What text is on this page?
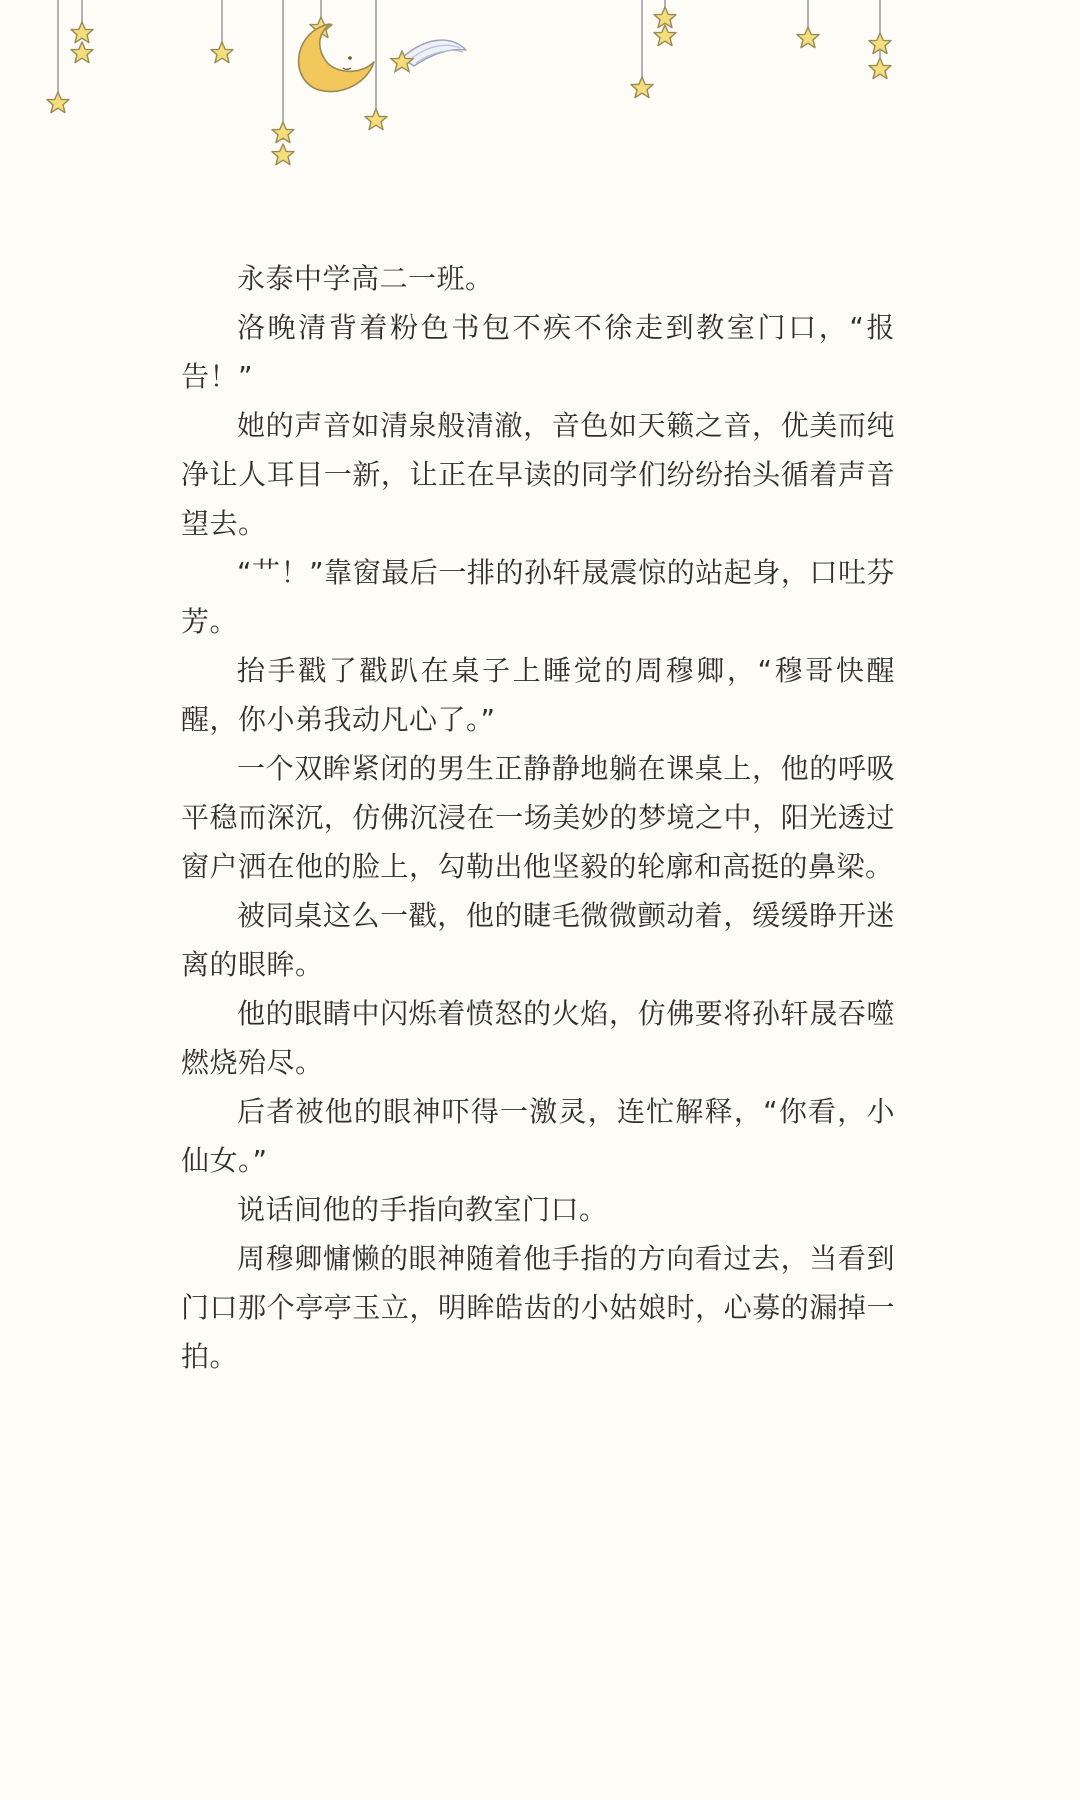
永泰中学高二一班。

洛晚清背着粉色书包不疾不徐走到教室门口，“报告！”

她的声音如清泉般清澈，音色如天籁之音，优美而纯净让人耳目一新，让正在早读的同学们纷纷抬头循着声音望去。

“艹！”靠窗最后一排的孙轩晟震惊的站起身，口吐芬芳。

抬手戳了戳趴在桌子上睡觉的周穆卿，“穆哥快醒醒，你小弟我动凡心了。”

一个双眸紧闭的男生正静静地躺在课桌上，他的呼吸平稳而深沉，仿佛沉浸在一场美妙的梦境之中，阳光透过窗户洒在他的脸上，勾勒出他坚毅的轮廓和高挺的鼻梁。

被同桌这么一戳，他的睫毛微微颤动着，缓缓睁开迷离的眼眸。

他的眼睛中闪烁着愤怒的火焰，仿佛要将孙轩晟吞噬燃烧殆尽。

后者被他的眼神吓得一激灵，连忙解释，“你看，小仙女。”

说话间他的手指向教室门口。

周穆卿慵懒的眼神随着他手指的方向看过去，当看到门口那个亭亭玉立，明眸皓齿的小姑娘时，心募的漏掉一拍。
